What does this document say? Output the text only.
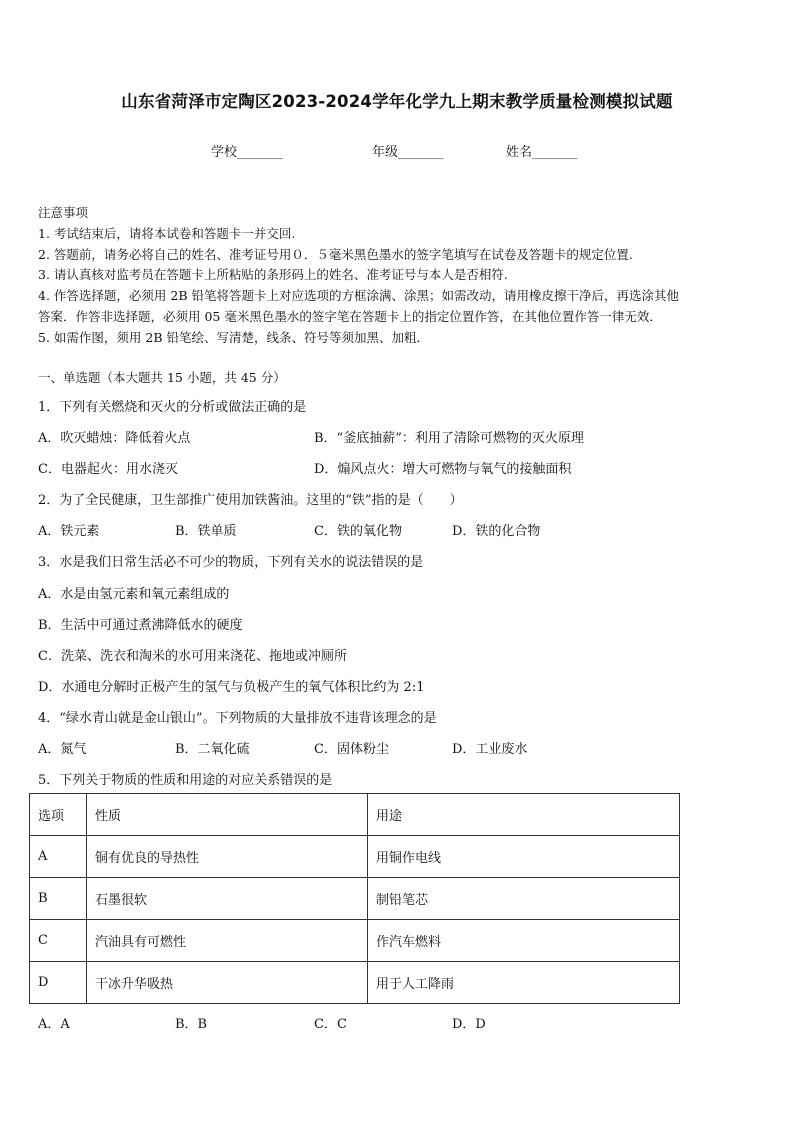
山东省菏泽市定陶区2023-2024学年化学九上期末教学质量检测模拟试题
学校_______	年级_______	姓名_______
注意事项
1. 考试结束后，请将本试卷和答题卡一并交回.
2. 答题前，请务必将自己的姓名、准考证号用０．５毫米黑色墨水的签字笔填写在试卷及答题卡的规定位置.
3. 请认真核对监考员在答题卡上所粘贴的条形码上的姓名、准考证号与本人是否相符.
4. 作答选择题，必须用 2B 铅笔将答题卡上对应选项的方框涂满、涂黑；如需改动，请用橡皮擦干净后，再选涂其他
答案．作答非选择题，必须用 05 毫米黑色墨水的签字笔在答题卡上的指定位置作答，在其他位置作答一律无效．
5. 如需作图，须用 2B 铅笔绘、写清楚，线条、符号等须加黑、加粗．
一、单选题（本大题共 15 小题，共 45 分）
1．下列有关燃烧和灭火的分析或做法正确的是
A．吹灭蜡烛：降低着火点	B．“釜底抽薪”：利用了清除可燃物的灭火原理
C．电器起火：用水浇灭	D．煽风点火：增大可燃物与氧气的接触面积
2．为了全民健康，卫生部推广使用加铁酱油。这里的“铁”指的是（　　）
A．铁元素	B．铁单质	C．铁的氧化物	D．铁的化合物
3．水是我们日常生活必不可少的物质，下列有关水的说法错误的是
A．水是由氢元素和氧元素组成的
B．生活中可通过煮沸降低水的硬度
C．洗菜、洗衣和淘米的水可用来浇花、拖地或冲厕所
D．水通电分解时正极产生的氢气与负极产生的氧气体积比约为 2:1
4．“绿水青山就是金山银山”。下列物质的大量排放不违背该理念的是
A．氮气	B．二氧化硫	C．固体粉尘	D．工业废水
5．下列关于物质的性质和用途的对应关系错误的是
选项	性质	用途
A	铜有优良的导热性	用铜作电线
B	石墨很软	制铅笔芯
C	汽油具有可燃性	作汽车燃料
D	干冰升华吸热	用于人工降雨
A．A	B．B	C．C	D．D
